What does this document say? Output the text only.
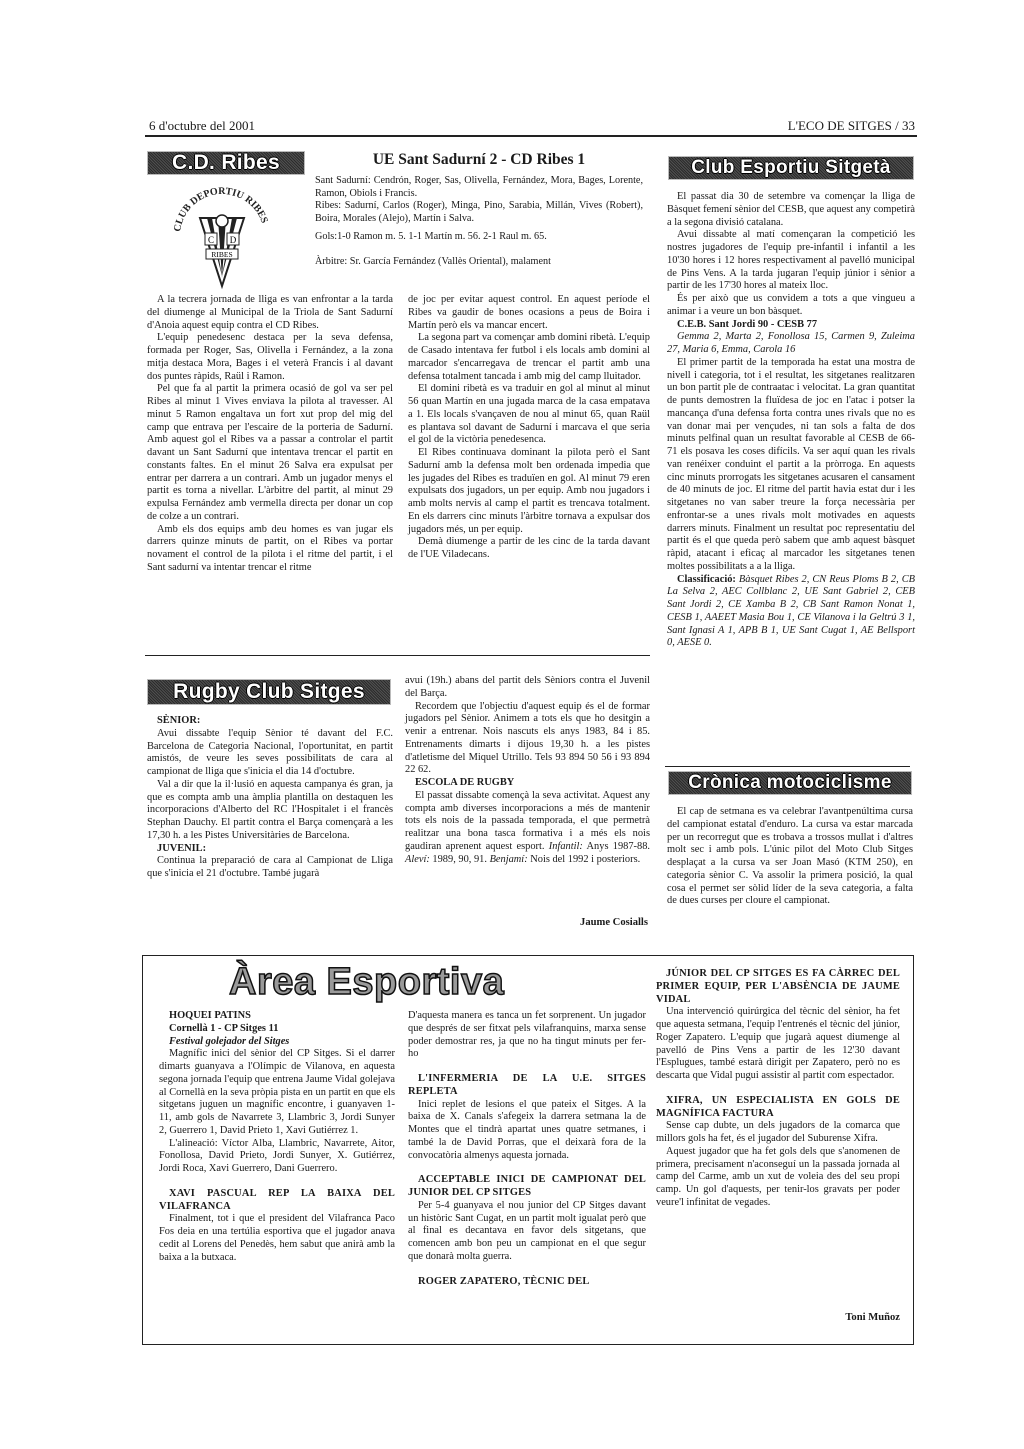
6 d'octubre del 2001	L'ECO DE SITGES / 33
C.D. Ribes
C D
RIBES
CLUB DEPORTIU RIBES
UE Sant Sadurní 2 - CD Ribes 1
Sant Sadurní: Cendrón, Roger, Sas, Olivella, Fernández, Mora, Bages, Lorente, Ramon, Obiols i Francis.
Ribes: Sadurní, Carlos (Roger), Minga, Pino, Sarabia, Millán, Vives (Robert), Boira, Morales (Alejo), Martín i Salva.
Gols:1-0 Ramon m. 5. 1-1 Martín m. 56. 2-1 Raul m. 65.
Àrbitre: Sr. García Fernández (Vallès Oriental), malament

A la tecrera jornada de lliga es van enfrontar a la tarda del diumenge al Municipal de la Triola de Sant Sadurní d'Anoia aquest equip contra el CD Ribes.

L'equip penedesenc destaca per la seva defensa, formada per Roger, Sas, Olivella i Fernández, a la zona mitja destaca Mora, Bages i el veterà Francis i al davant dos puntes ràpids, Raül i Ramon.

Pel que fa al partit la primera ocasió de gol va ser pel Ribes al minut 1 Vives enviava la pilota al travesser. Al minut 5 Ramon engaltava un fort xut prop del mig del camp que entrava per l'escaire de la porteria de Sadurní. Amb aquest gol el Ribes va a passar a controlar el partit davant un Sant Sadurní que intentava trencar el partit en constants faltes. En el minut 26 Salva era expulsat per entrar per darrera a un contrari. Amb un jugador menys el partit es torna a nivellar. L'àrbitre del partit, al minut 29 expulsa Fernández amb vermella directa per donar un cop de colze a un contrari.

Amb els dos equips amb deu homes es van jugar els darrers quinze minuts de partit, on el Ribes va portar novament el control de la pilota i el ritme del partit, i el Sant sadurní va intentar trencar el ritme

de joc per evitar aquest control. En aquest període el Ribes va gaudir de bones ocasions a peus de Boira i Martín però els va mancar encert.

La segona part va començar amb domini ribetà. L'equip de Casado intentava fer futbol i els locals amb domini al marcador s'encarregava de trencar el partit amb una defensa totalment tancada i amb mig del camp lluitador.

El domini ribetà es va traduir en gol al minut al minut 56 quan Martín en una jugada marca de la casa empatava a 1. Els locals s'vançaven de nou al minut 65, quan Raül es plantava sol davant de Sadurní i marcava el que seria el gol de la victòria penedesenca.

El Ribes continuava dominant la pilota però el Sant Sadurní amb la defensa molt ben ordenada impedia que les jugades del Ribes es traduïen en gol. Al minut 79 eren expulsats dos jugadors, un per equip. Amb nou jugadors i amb molts nervis al camp el partit es trencava totalment. En els darrers cinc minuts l'àrbitre tornava a expulsar dos jugadors més, un per equip.

Demà diumenge a partir de les cinc de la tarda davant de l'UE Viladecans.

Club Esportiu Sitgetà

El passat dia 30 de setembre va començar la lliga de Bàsquet femení sènior del CESB, que aquest any competirà a la segona divisió catalana.

Avui dissabte al matí començaran la competició les nostres jugadores de l'equip pre-infantil i infantil a les 10'30 hores i 12 hores respectivament al pavelló municipal de Pins Vens. A la tarda jugaran l'equip júnior i sènior a partir de les 17'30 hores al mateix lloc.

És per això que us convidem a tots a que vingueu a animar i a veure un bon bàsquet.

C.E.B. Sant Jordi 90 - CESB 77

Gemma 2, Marta 2, Fonollosa 15, Carmen 9, Zuleima 27, Maria 6, Emma, Carola 16

El primer partit de la temporada ha estat una mostra de nivell i categoria, tot i el resultat, les sitgetanes realitzaren un bon partit ple de contraatac i velocitat. La gran quantitat de punts demostren la fluïdesa de joc en l'atac i potser la mancança d'una defensa forta contra unes rivals que no es van donar mai per vençudes, ni tan sols a falta de dos minuts pelfinal quan un resultat favorable al CESB de 66-71 els posava les coses difícils. Va ser aquí quan les rivals van renéixer conduint el partit a la pròrroga. En aquests cinc minuts prorrogats les sitgetanes acusaren el cansament de 40 minuts de joc. El ritme del partit havia estat dur i les sitgetanes no van saber treure la força necessària per enfrontar-se a unes rivals molt motivades en aquests darrers minuts. Finalment un resultat poc representatiu del partit és el que queda però sabem que amb aquest bàsquet ràpid, atacant i eficaç al marcador les sitgetanes tenen moltes possibilitats a a la lliga.

Classificació: Bàsquet Ribes 2, CN Reus Ploms B 2, CB La Selva 2, AEC Collblanc 2, UE Sant Gabriel 2, CEB Sant Jordi 2, CE Xamba B 2, CB Sant Ramon Nonat 1, CESB 1, AAEET Masia Bou 1, CE Vilanova i la Geltrú 3 1, Sant Ignasi A 1, APB B 1, UE Sant Cugat 1, AE Bellsport 0, AESE 0.

Rugby Club Sitges

SÈNIOR:

Avui dissabte l'equip Sènior té davant del F.C. Barcelona de Categoria Nacional, l'oportunitat, en partit amistós, de veure les seves possibilitats de cara al campionat de lliga que s'inicia el dia 14 d'octubre.

Val a dir que la il·lusió en aquesta campanya és gran, ja que es compta amb una àmplia plantilla on destaquen les incorporacions d'Alberto del RC l'Hospitalet i el francès Stephan Dauchy. El partit contra el Barça començarà a les 17,30 h. a les Pistes Universitàries de Barcelona.

JUVENIL:

Continua la preparació de cara al Campionat de Lliga que s'inicia el 21 d'octubre. També jugarà

avui (19h.) abans del partit dels Sèniors contra el Juvenil del Barça.

Recordem que l'objectiu d'aquest equip és el de formar jugadors pel Sènior. Animem a tots els que ho desitgin a venir a entrenar. Nois nascuts els anys 1983, 84 i 85. Entrenaments dimarts i dijous 19,30 h. a les pistes d'atletisme del Miquel Utrillo. Tels 93 894 50 56 i 93 894 22 62.

ESCOLA DE RUGBY

El passat dissabte començà la seva activitat. Aquest any compta amb diverses incorporacions a més de mantenir tots els nois de la passada temporada, el que permetrà realitzar una bona tasca formativa i a més els nois gaudiran aprenent aquest esport. Infantil: Anys 1987-88. Aleví: 1989, 90, 91. Benjamí: Nois del 1992 i posteriors.

Jaume Cosialls
Crònica motociclisme

El cap de setmana es va celebrar l'avantpenúltima cursa del campionat estatal d'enduro. La cursa va estar marcada per un recorregut que es trobava a trossos mullat i d'altres molt sec i amb pols. L'únic pilot del Moto Club Sitges desplaçat a la cursa va ser Joan Masó (KTM 250), en categoria sènior C. Va assolir la primera posició, la qual cosa el permet ser sòlid líder de la seva categoria, a falta de dues curses per cloure el campionat.

Àrea Esportiva

HOQUEI PATINS

Cornellà 1 - CP Sitges 11

Festival golejador del Sitges

Magnífic inici del sènior del CP Sitges. Si el darrer dimarts guanyava a l'Olímpic de Vilanova, en aquesta segona jornada l'equip que entrena Jaume Vidal golejava al Cornellà en la seva pròpia pista en un partit en que els sitgetans juguen un magnífic encontre, i guanyaven 1-11, amb gols de Navarrete 3, Llambric 3, Jordi Sunyer 2, Guerrero 1, David Prieto 1, Xavi Gutiérrez 1.

L'alineació: Víctor Alba, Llambric, Navarrete, Aitor, Fonollosa, David Prieto, Jordi Sunyer, X. Gutiérrez, Jordi Roca, Xavi Guerrero, Dani Guerrero.

XAVI PASCUAL REP LA BAIXA DEL VILAFRANCA

Finalment, tot i que el president del Vilafranca Paco Fos deia en una tertúlia esportiva que el jugador anava cedit al Lorens del Penedès, hem sabut que anirà amb la baixa a la butxaca.

D'aquesta manera es tanca un fet sorprenent. Un jugador que després de ser fitxat pels vilafranquins, marxa sense poder demostrar res, ja que no ha tingut minuts per fer-ho

L'INFERMERIA DE LA U.E. SITGES REPLETA

Inici replet de lesions el que pateix el Sitges. A la baixa de X. Canals s'afegeix la darrera setmana la de Montes que el tindrà apartat unes quatre setmanes, i també la de David Porras, que el deixarà fora de la convocatòria almenys aquesta jornada.

ACCEPTABLE INICI DE CAMPIONAT DEL JUNIOR DEL CP SITGES

Per 5-4 guanyava el nou junior del CP Sitges davant un històric Sant Cugat, en un partit molt igualat però que al final es decantava en favor dels sitgetans, que comencen amb bon peu un campionat en el que segur que donarà molta guerra.

ROGER ZAPATERO, TÈCNIC DEL

JÚNIOR DEL CP SITGES ES FA CÀRREC DEL PRIMER EQUIP, PER L'ABSÈNCIA DE JAUME VIDAL

Una intervenció quirúrgica del tècnic del sènior, ha fet que aquesta setmana, l'equip l'entrenés el tècnic del júnior, Roger Zapatero. L'equip que jugarà aquest diumenge al pavelló de Pins Vens a partir de les 12'30 davant l'Esplugues, també estarà dirigit per Zapatero, però no es descarta que Vidal pugui assistir al partit com espectador.

XIFRA, UN ESPECIALISTA EN GOLS DE MAGNÍFICA FACTURA

Sense cap dubte, un dels jugadors de la comarca que millors gols ha fet, és el jugador del Suburense Xifra.

Aquest jugador que ha fet gols dels que s'anomenen de primera, precisament n'aconseguí un la passada jornada al camp del Carme, amb un xut de voleia des del seu propi camp. Un gol d'aquests, per tenir-los gravats per poder veure'l infinitat de vegades.

Toni Muñoz
